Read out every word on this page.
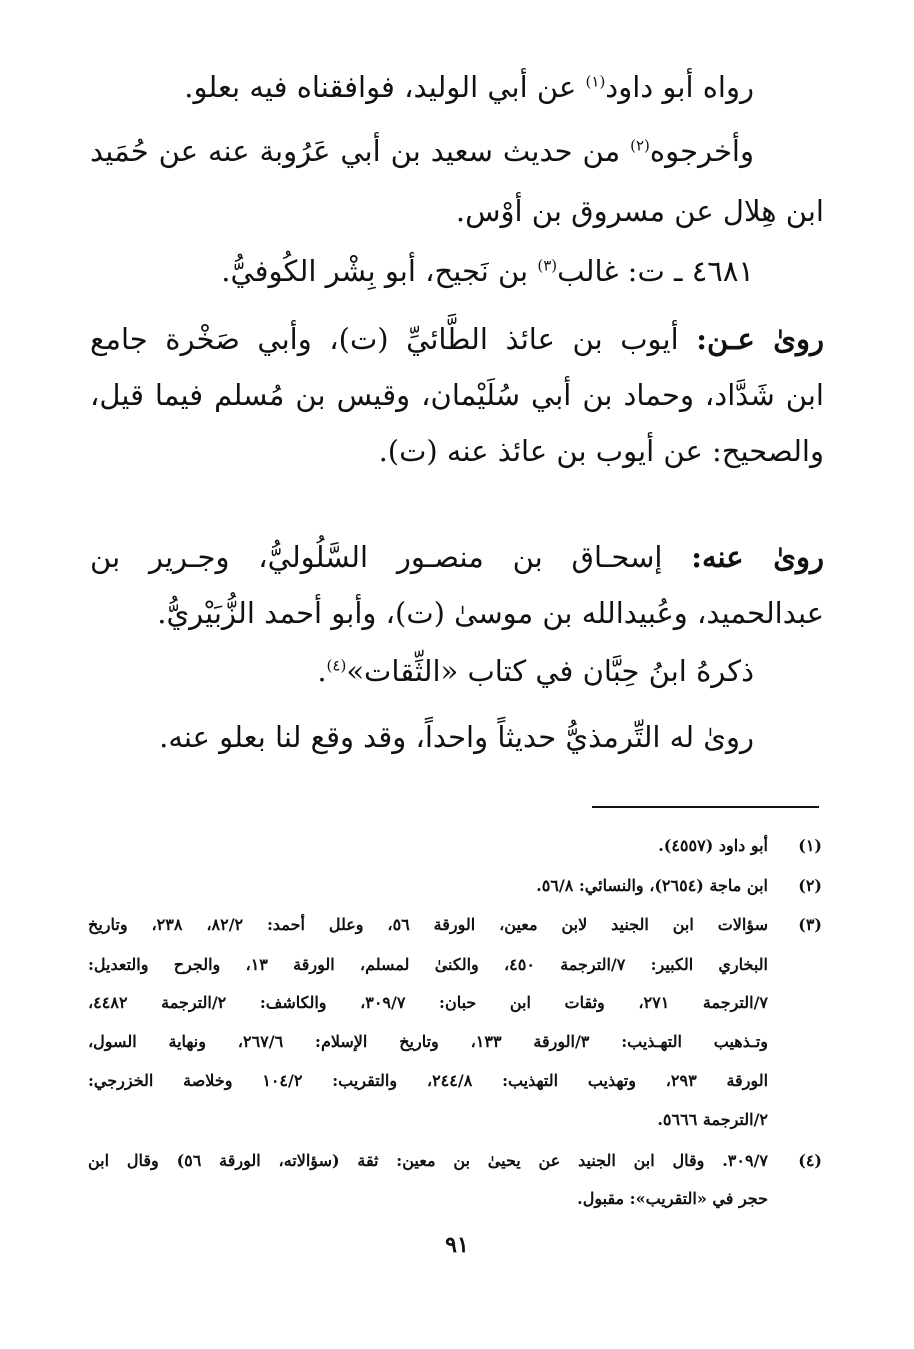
رواه أبو داود$^{(١)}$ عن أبي الوليد، فوافقناه فيه بعلو.
وأخرجوه$^{(٢)}$ من حديث سعيد بن أبي عَرُوبة عنه عن حُمَيد
ابن هِلال عن مسروق بن أوْس.
٤٦٨١ ـ ت: غالب$^{(٣)}$ بن نَجيح، أبو بِشْر الكُوفيُّ.
روىٰ عـن: أيوب بن عائذ الطَّائيِّ (ت)، وأبي صَخْرة جامع
ابن شَدَّاد، وحماد بن أبي سُلَيْمان، وقيس بن مُسلم فيما قيل،
والصحيح: عن أيوب بن عائذ عنه (ت).
روىٰ عنه: إسحـاق بن منصـور السَّلُوليُّ، وجـرير بن
عبدالحميد، وعُبيدالله بن موسىٰ (ت)، وأبو أحمد الزُّبَيْريُّ.
ذكرهُ ابنُ حِبَّان في كتاب «الثِّقات»$^{(٤)}$.
روىٰ له التِّرمذيُّ حديثاً واحداً، وقد وقع لنا بعلو عنه.
(١)
أبو داود (٤٥٥٧).
(٢)
ابن ماجة (٢٦٥٤)، والنسائي: ٥٦/٨.
(٣)
سؤالات ابن الجنيد لابن معين، الورقة ٥٦، وعلل أحمد: ٨٢/٢، ٢٣٨، وتاريخ
البخاري الكبير: ٧/الترجمة ٤٥٠، والكنىٰ لمسلم، الورقة ١٣، والجرح والتعديل:
٧/الترجمة ٢٧١، وثقات ابن حبان: ٣٠٩/٧، والكاشف: ٢/الترجمة ٤٤٨٢،
وتـذهيب التهـذيب: ٣/الورقة ١٣٣، وتاريخ الإسلام: ٢٦٧/٦، ونهاية السول،
الورقة ٢٩٣، وتهذيب التهذيب: ٢٤٤/٨، والتقريب: ١٠٤/٢ وخلاصة الخزرجي:
٢/الترجمة ٥٦٦٦.
(٤)
٣٠٩/٧. وقال ابن الجنيد عن يحيىٰ بن معين: ثقة (سؤالاته، الورقة ٥٦) وقال ابن
حجر في «التقريب»: مقبول.
٩١
